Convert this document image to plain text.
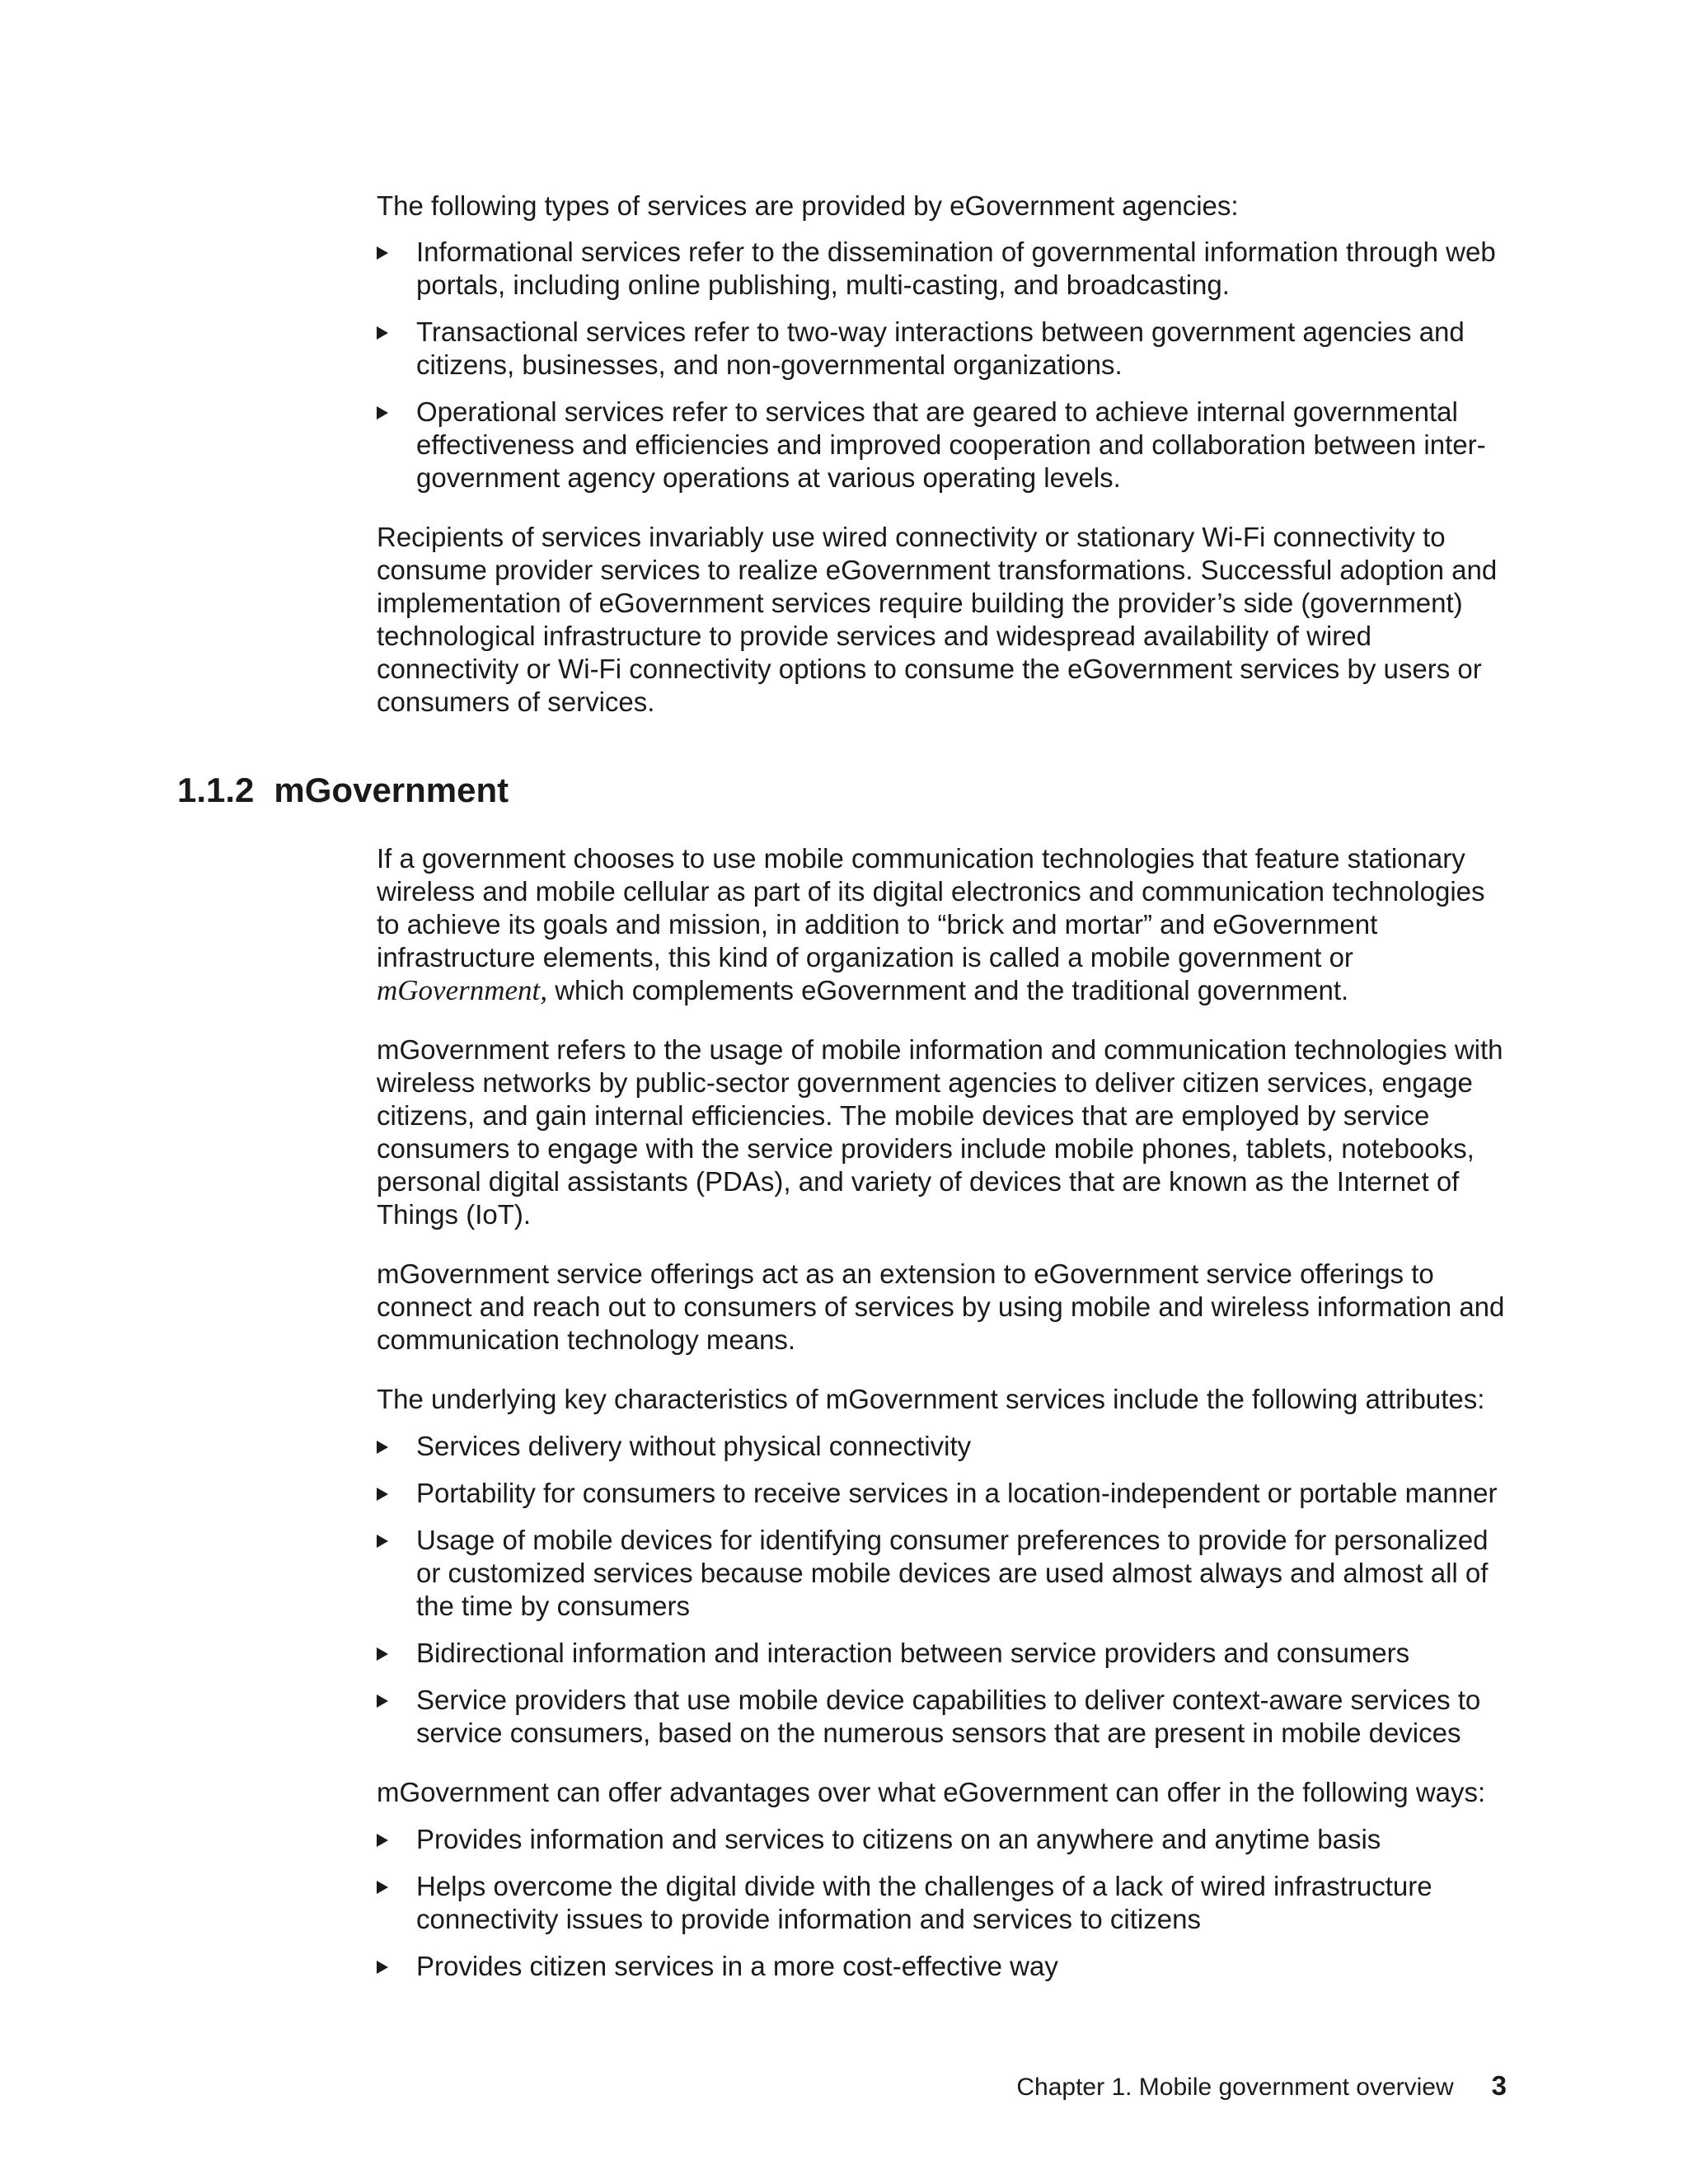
The following types of services are provided by eGovernment agencies:

Informational services refer to the dissemination of governmental information through web portals, including online publishing, multi-casting, and broadcasting.
Transactional services refer to two-way interactions between government agencies and citizens, businesses, and non-governmental organizations.
Operational services refer to services that are geared to achieve internal governmental effectiveness and efficiencies and improved cooperation and collaboration between inter-government agency operations at various operating levels.

Recipients of services invariably use wired connectivity or stationary Wi-Fi connectivity to consume provider services to realize eGovernment transformations. Successful adoption and implementation of eGovernment services require building the provider’s side (government) technological infrastructure to provide services and widespread availability of wired connectivity or Wi-Fi connectivity options to consume the eGovernment services by users or consumers of services.

1.1.2 mGovernment

If a government chooses to use mobile communication technologies that feature stationary wireless and mobile cellular as part of its digital electronics and communication technologies to achieve its goals and mission, in addition to “brick and mortar” and eGovernment infrastructure elements, this kind of organization is called a mobile government or mGovernment, which complements eGovernment and the traditional government.

mGovernment refers to the usage of mobile information and communication technologies with wireless networks by public-sector government agencies to deliver citizen services, engage citizens, and gain internal efficiencies. The mobile devices that are employed by service consumers to engage with the service providers include mobile phones, tablets, notebooks, personal digital assistants (PDAs), and variety of devices that are known as the Internet of Things (IoT).

mGovernment service offerings act as an extension to eGovernment service offerings to connect and reach out to consumers of services by using mobile and wireless information and communication technology means.

The underlying key characteristics of mGovernment services include the following attributes:

Services delivery without physical connectivity
Portability for consumers to receive services in a location-independent or portable manner
Usage of mobile devices for identifying consumer preferences to provide for personalized or customized services because mobile devices are used almost always and almost all of the time by consumers
Bidirectional information and interaction between service providers and consumers
Service providers that use mobile device capabilities to deliver context-aware services to service consumers, based on the numerous sensors that are present in mobile devices

mGovernment can offer advantages over what eGovernment can offer in the following ways:

Provides information and services to citizens on an anywhere and anytime basis
Helps overcome the digital divide with the challenges of a lack of wired infrastructure connectivity issues to provide information and services to citizens
Provides citizen services in a more cost-effective way
Chapter 1. Mobile government overview 3
